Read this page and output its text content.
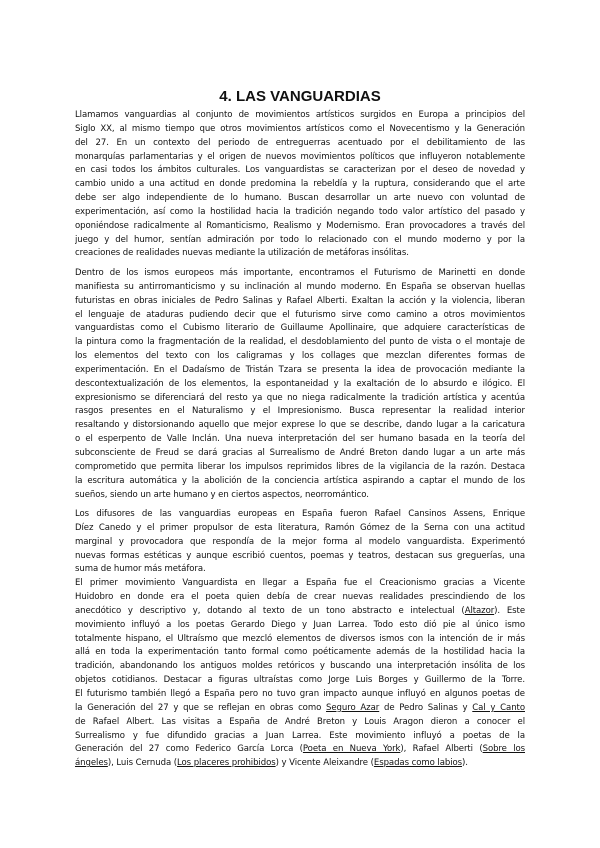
4. LAS VANGUARDIAS

Llamamos vanguardias al conjunto de movimientos artísticos surgidos en Europa a principios del
Siglo XX, al mismo tiempo que otros movimientos artísticos como el Novecentismo y la Generación
del 27. En un contexto del periodo de entreguerras acentuado por el debilitamiento de las
monarquías parlamentarias y el origen de nuevos movimientos políticos que influyeron notablemente
en casi todos los ámbitos culturales. Los vanguardistas se caracterizan por el deseo de novedad y
cambio unido a una actitud en donde predomina la rebeldía y la ruptura, considerando que el arte
debe ser algo independiente de lo humano. Buscan desarrollar un arte nuevo con voluntad de
experimentación, así como la hostilidad hacia la tradición negando todo valor artístico del pasado y
oponiéndose radicalmente al Romanticismo, Realismo y Modernismo. Eran provocadores a través del
juego y del humor, sentían admiración por todo lo relacionado con el mundo moderno y por la
creaciones de realidades nuevas mediante la utilización de metáforas insólitas.

Dentro de los ismos europeos más importante, encontramos el Futurismo de Marinetti en donde
manifiesta su antirromanticismo y su inclinación al mundo moderno. En España se observan huellas
futuristas en obras iniciales de Pedro Salinas y Rafael Alberti. Exaltan la acción y la violencia, liberan
el lenguaje de ataduras pudiendo decir que el futurismo sirve como camino a otros movimientos
vanguardistas como el Cubismo literario de Guillaume Apollinaire, que adquiere características de
la pintura como la fragmentación de la realidad, el desdoblamiento del punto de vista o el montaje de
los elementos del texto con los caligramas y los collages que mezclan diferentes formas de
experimentación. En el Dadaísmo de Tristán Tzara se presenta la idea de provocación mediante la
descontextualización de los elementos, la espontaneidad y la exaltación de lo absurdo e ilógico. El
expresionismo se diferenciará del resto ya que no niega radicalmente la tradición artística y acentúa
rasgos presentes en el Naturalismo y el Impresionismo. Busca representar la realidad interior
resaltando y distorsionando aquello que mejor exprese lo que se describe, dando lugar a la caricatura
o el esperpento de Valle Inclán. Una nueva interpretación del ser humano basada en la teoría del
subconsciente de Freud se dará gracias al Surrealismo de André Breton dando lugar a un arte más
comprometido que permita liberar los impulsos reprimidos libres de la vigilancia de la razón. Destaca
la escritura automática y la abolición de la conciencia artística aspirando a captar el mundo de los
sueños, siendo un arte humano y en ciertos aspectos, neorromántico.

Los difusores de las vanguardias europeas en España fueron Rafael Cansinos Assens, Enrique
Díez Canedo y el primer propulsor de esta literatura, Ramón Gómez de la Serna con una actitud
marginal y provocadora que respondía de la mejor forma al modelo vanguardista. Experimentó
nuevas formas estéticas y aunque escribió cuentos, poemas y teatros, destacan sus greguerías, una
suma de humor más metáfora.
El primer movimiento Vanguardista en llegar a España fue el Creacionismo gracias a Vicente
Huidobro en donde era el poeta quien debía de crear nuevas realidades prescindiendo de los
anecdótico y descriptivo y, dotando al texto de un tono abstracto e intelectual (Altazor). Este
movimiento influyó a los poetas Gerardo Diego y Juan Larrea. Todo esto dió pie al único ismo
totalmente hispano, el Ultraísmo que mezcló elementos de diversos ismos con la intención de ir más
allá en toda la experimentación tanto formal como poéticamente además de la hostilidad hacia la
tradición, abandonando los antiguos moldes retóricos y buscando una interpretación insólita de los
objetos cotidianos. Destacar a figuras ultraístas como Jorge Luis Borges y Guillermo de la Torre.
El futurismo también llegó a España pero no tuvo gran impacto aunque influyó en algunos poetas de
la Generación del 27 y que se reflejan en obras como Seguro Azar de Pedro Salinas y Cal y Canto
de Rafael Albert. Las visitas a España de André Breton y Louis Aragon dieron a conocer el
Surrealismo y fue difundido gracias a Juan Larrea. Este movimiento influyó a poetas de la
Generación del 27 como Federico García Lorca (Poeta en Nueva York), Rafael Alberti (Sobre los
ángeles), Luis Cernuda (Los placeres prohibidos) y Vicente Aleixandre (Espadas como labios).
